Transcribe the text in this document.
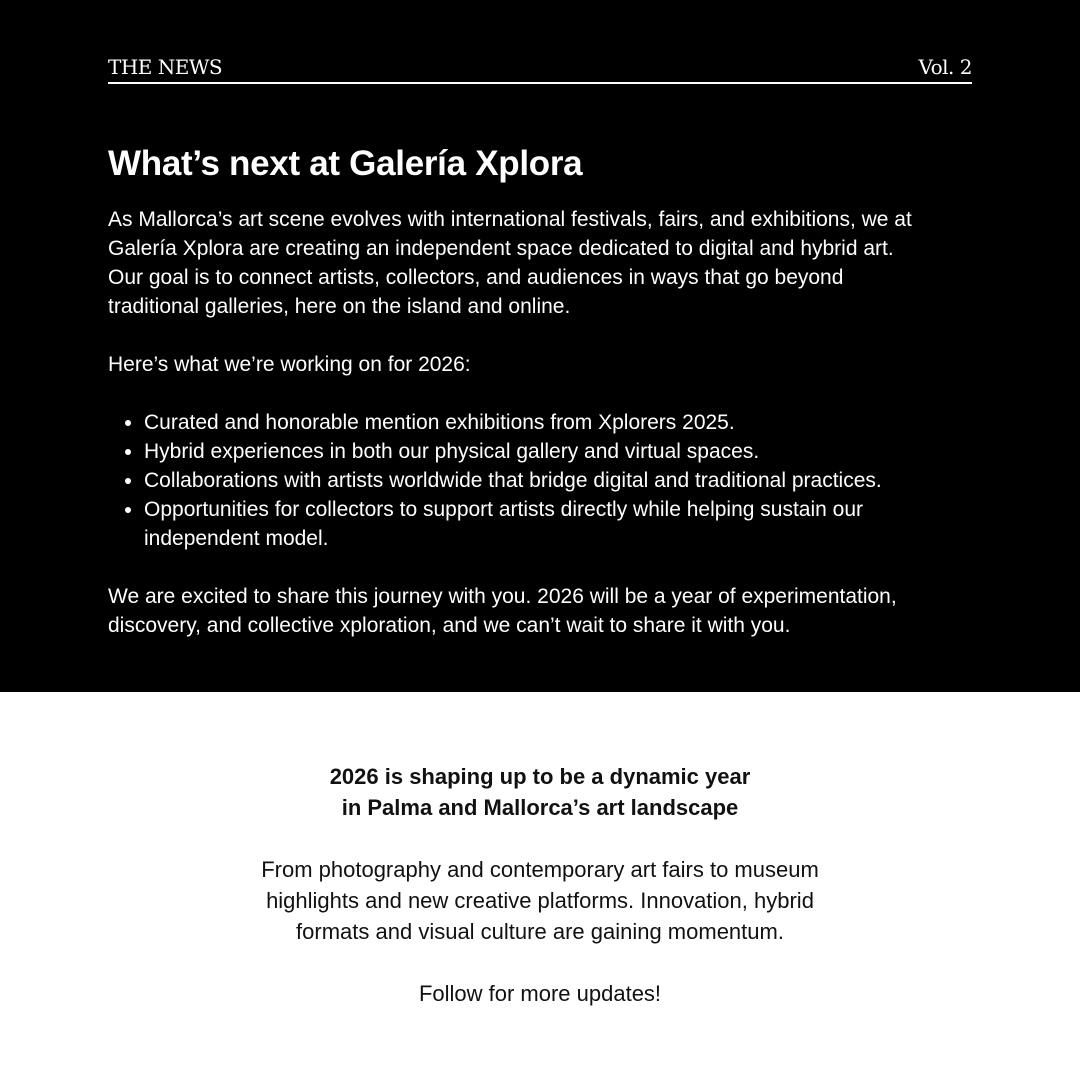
THE NEWS	Vol. 2
What’s next at Galería Xplora

As Mallorca’s art scene evolves with international festivals, fairs, and exhibitions, we at
Galería Xplora are creating an independent space dedicated to digital and hybrid art.
Our goal is to connect artists, collectors, and audiences in ways that go beyond
traditional galleries, here on the island and online.

Here’s what we’re working on for 2026:

• Curated and honorable mention exhibitions from Xplorers 2025.
• Hybrid experiences in both our physical gallery and virtual spaces.
• Collaborations with artists worldwide that bridge digital and traditional practices.
• Opportunities for collectors to support artists directly while helping sustain our independent model.

We are excited to share this journey with you. 2026 will be a year of experimentation,
discovery, and collective xploration, and we can’t wait to share it with you.

2026 is shaping up to be a dynamic year
in Palma and Mallorca’s art landscape

From photography and contemporary art fairs to museum
highlights and new creative platforms. Innovation, hybrid
formats and visual culture are gaining momentum.

Follow for more updates!
